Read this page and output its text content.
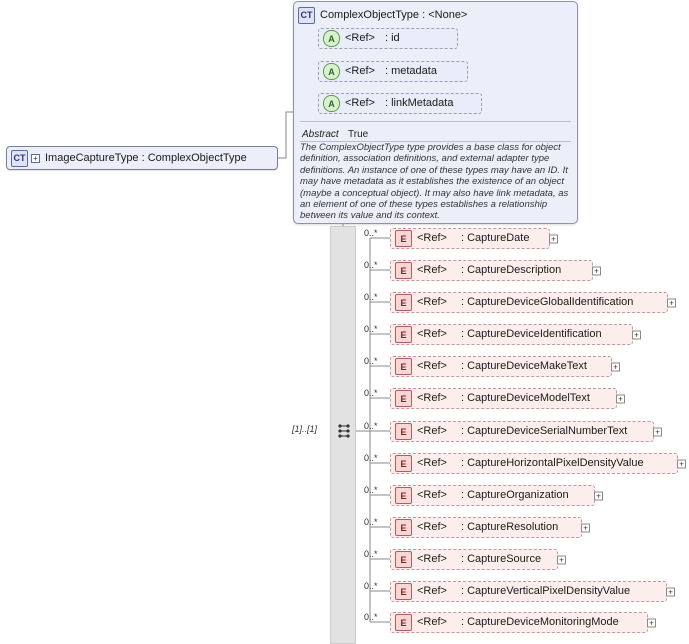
CT + ImageCaptureType : ComplexObjectType
CT ComplexObjectType : <None>
Abstract True
The ComplexObjectType type provides a base class for object definition, association definitions, and external adapter type definitions. An instance of one of these types may have an ID. It may have metadata as it establishes the existence of an object (maybe a conceptual object). It may also have link metadata, as an element of one of these types establishes a relationship between its value and its context.
A <Ref> : id
A <Ref> : metadata
A <Ref> : linkMetadata
[1]..[1]
0..*
E <Ref> : CaptureDate	+
0..*
E <Ref> : CaptureDescription	+
0..*
E <Ref> : CaptureDeviceGlobalIdentification	+
0..*
E <Ref> : CaptureDeviceIdentification	+
0..*
E <Ref> : CaptureDeviceMakeText	+
0..*
E <Ref> : CaptureDeviceModelText	+
0..*
E <Ref> : CaptureDeviceSerialNumberText	+
0..*
E <Ref> : CaptureHorizontalPixelDensityValue	+
0..*
E <Ref> : CaptureOrganization	+
0..*
E <Ref> : CaptureResolution	+
0..*
E <Ref> : CaptureSource +
0..*
E <Ref> : CaptureVerticalPixelDensityValue	+
0..*
E <Ref> : CaptureDeviceMonitoringMode	+
